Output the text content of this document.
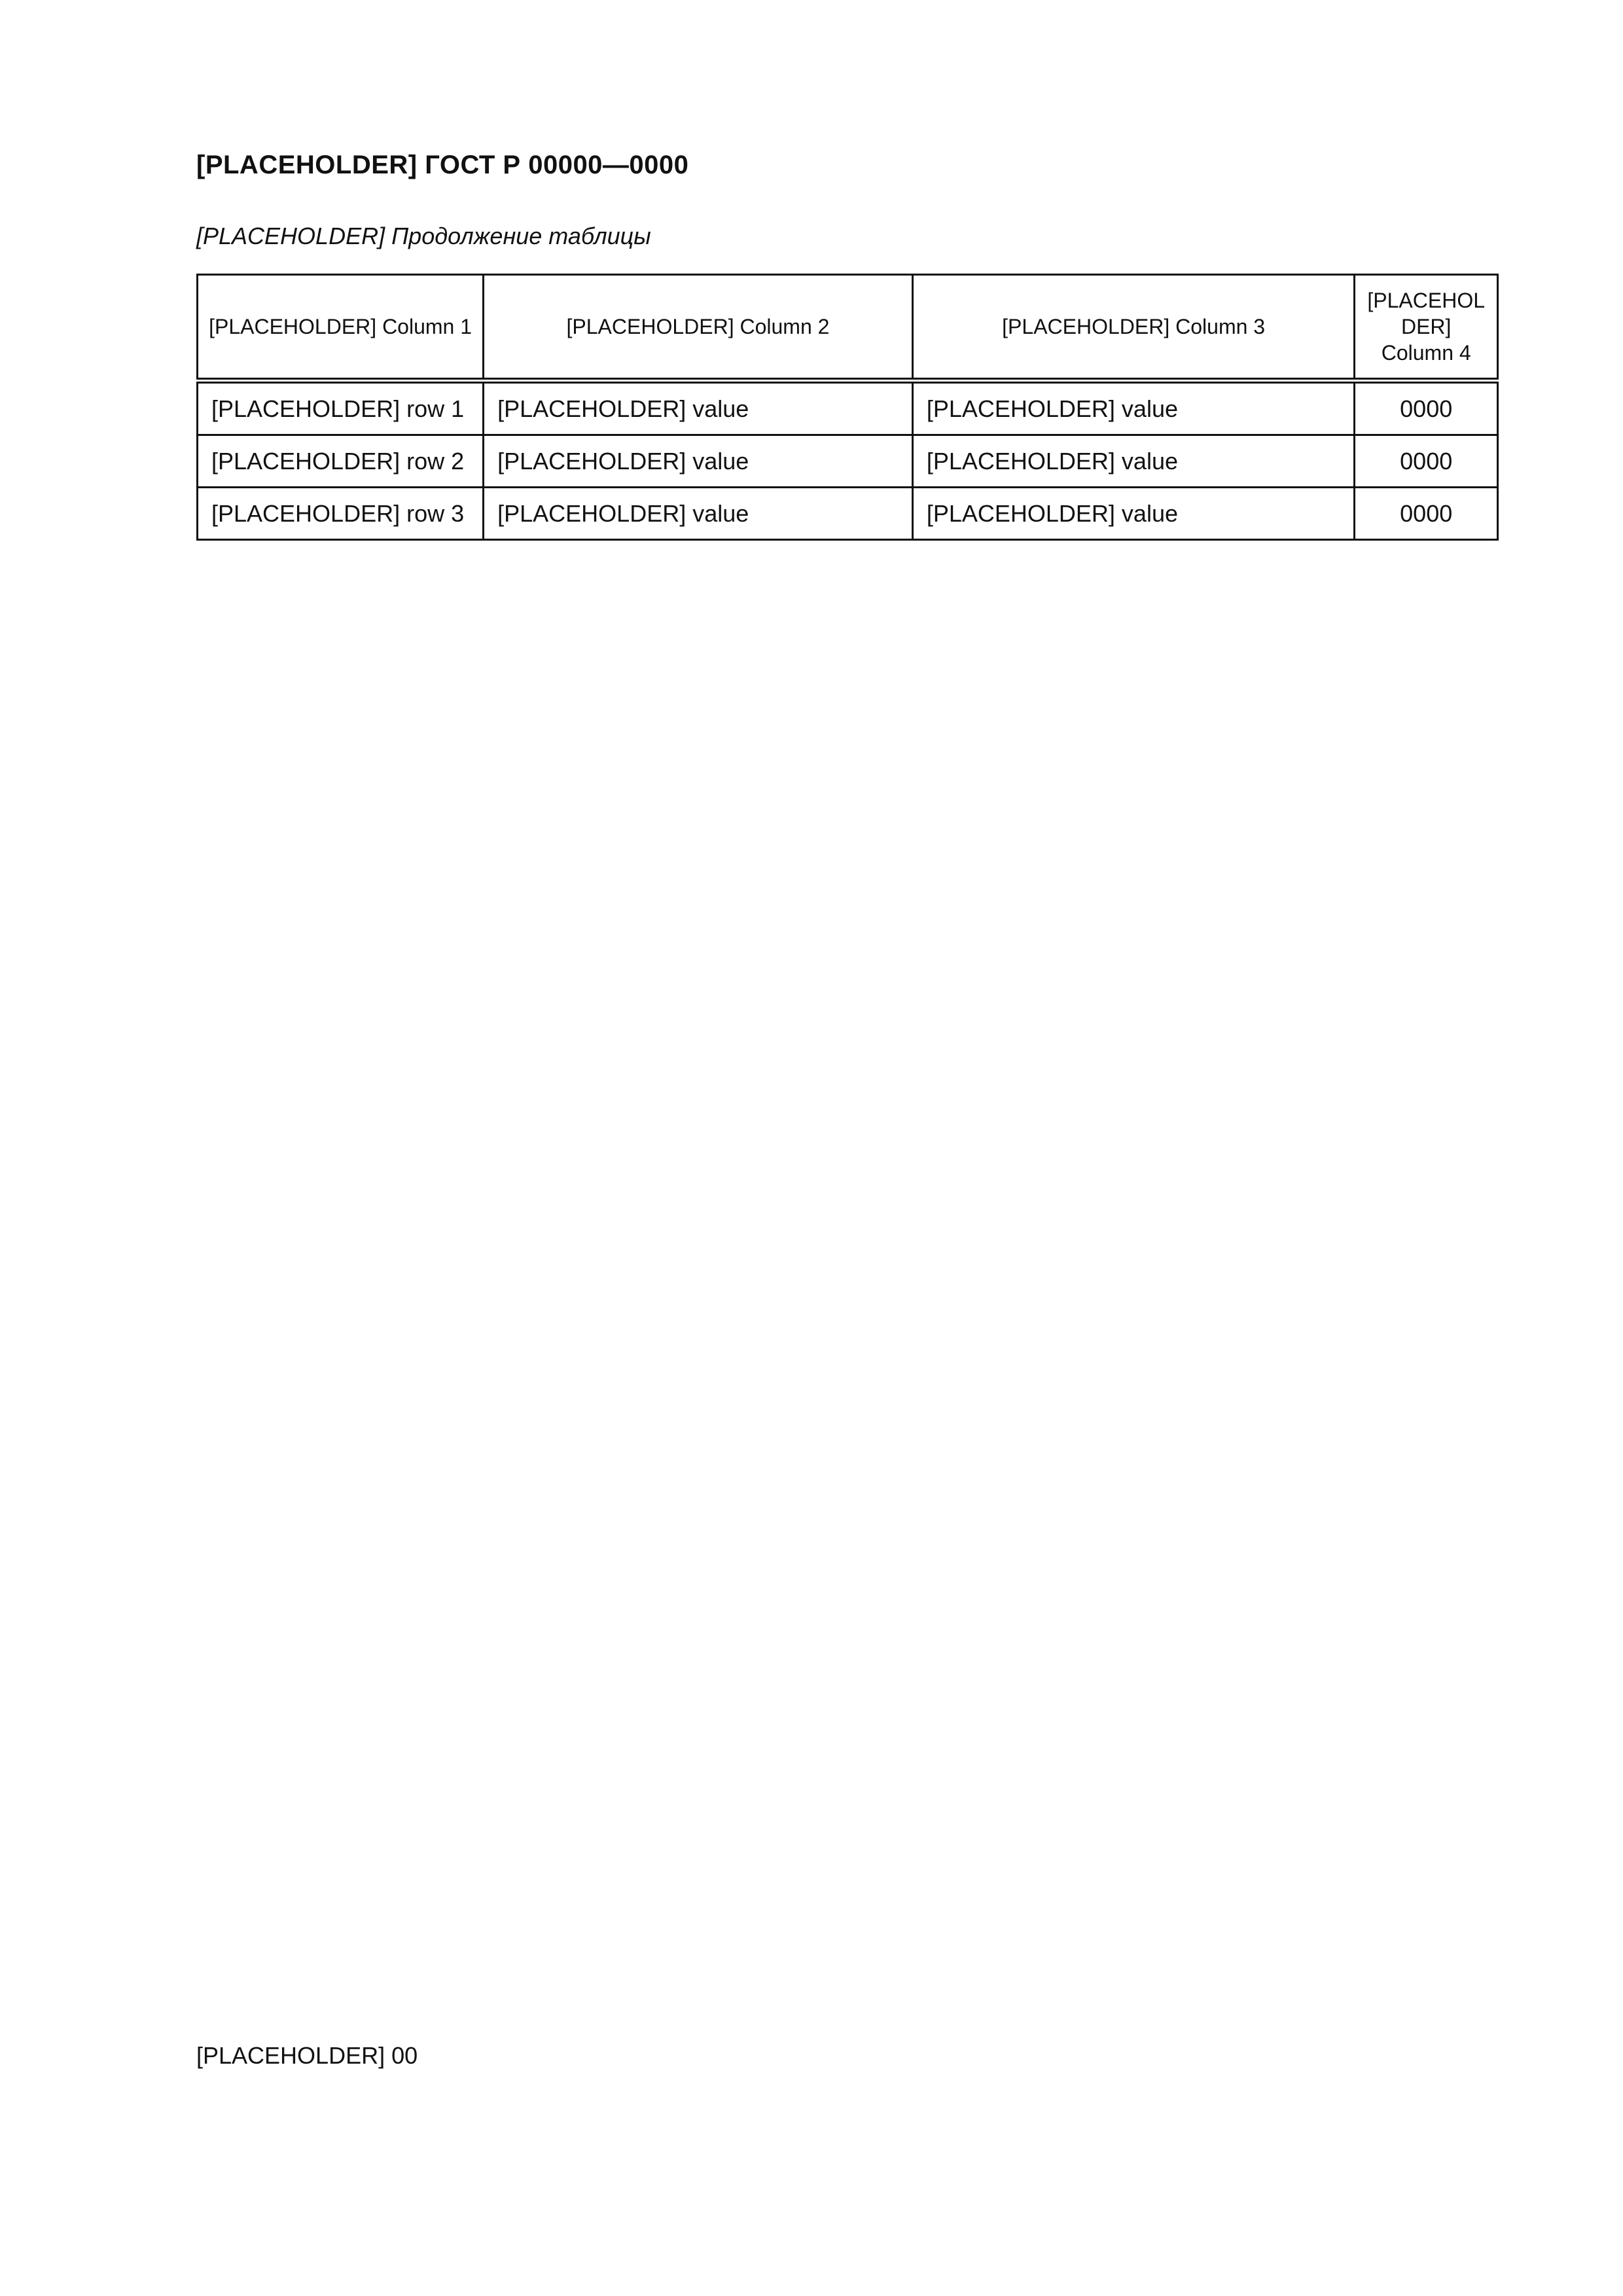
[PLACEHOLDER] ГОСТ Р 00000—0000
[PLACEHOLDER] Продолжение таблицы
[PLACEHOLDER] Column 1	[PLACEHOLDER] Column 2	[PLACEHOLDER] Column 3	[PLACEHOLDER] Column 4
[PLACEHOLDER] row 1	[PLACEHOLDER] value	[PLACEHOLDER] value	0000
[PLACEHOLDER] row 2	[PLACEHOLDER] value	[PLACEHOLDER] value	0000
[PLACEHOLDER] row 3	[PLACEHOLDER] value	[PLACEHOLDER] value	0000
[PLACEHOLDER] 00
